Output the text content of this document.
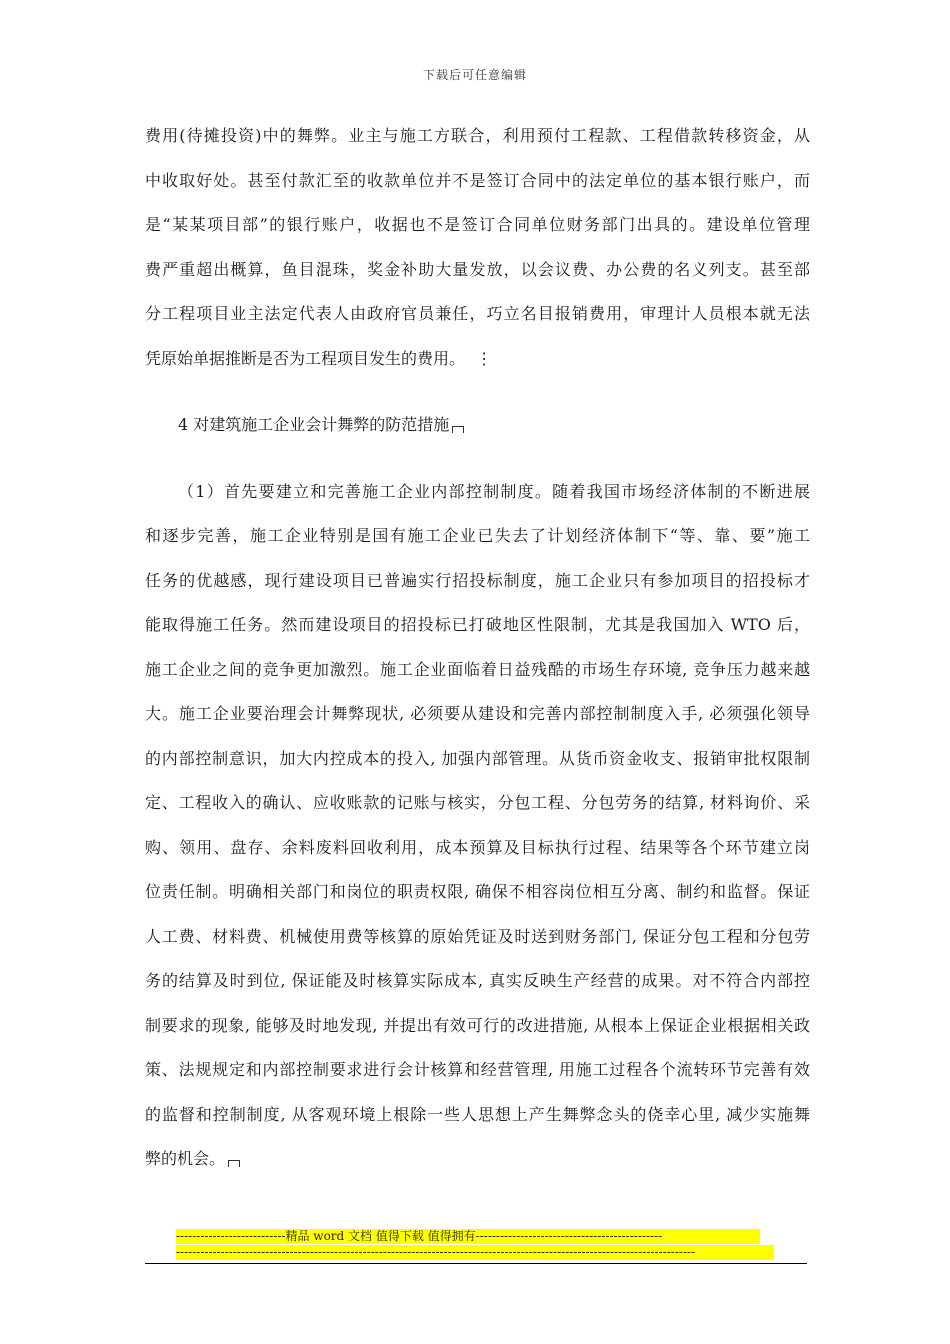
下载后可任意编辑
费用(待摊投资)中的舞弊。业主与施工方联合，利用预付工程款、工程借款转移资金，从
中收取好处。甚至付款汇至的收款单位并不是签订合同中的法定单位的基本银行账户，而
是“某某项目部”的银行账户，收据也不是签订合同单位财务部门出具的。建设单位管理
费严重超出概算，鱼目混珠，奖金补助大量发放，以会议费、办公费的名义列支。甚至部
分工程项目业主法定代表人由政府官员兼任，巧立名目报销费用，审理计人员根本就无法
凭原始单据推断是否为工程项目发生的费用。 ⋮
4 对建筑施工企业会计舞弊的防范措施
（1）首先要建立和完善施工企业内部控制制度。随着我国市场经济体制的不断进展
和逐步完善，施工企业特别是国有施工企业已失去了计划经济体制下“等、靠、要”施工
任务的优越感，现行建设项目已普遍实行招投标制度，施工企业只有参加项目的招投标才
能取得施工任务。然而建设项目的招投标已打破地区性限制，尤其是我国加入 WTO 后，
施工企业之间的竞争更加激烈。施工企业面临着日益残酷的市场生存环境, 竞争压力越来越
大。施工企业要治理会计舞弊现状, 必须要从建设和完善内部控制制度入手, 必须强化领导
的内部控制意识，加大内控成本的投入, 加强内部管理。从货币资金收支、报销审批权限制
定、工程收入的确认、应收账款的记账与核实，分包工程、分包劳务的结算, 材料询价、采
购、领用、盘存、余料废料回收利用，成本预算及目标执行过程、结果等各个环节建立岗
位责任制。明确相关部门和岗位的职责权限, 确保不相容岗位相互分离、制约和监督。保证
人工费、材料费、机械使用费等核算的原始凭证及时送到财务部门, 保证分包工程和分包劳
务的结算及时到位, 保证能及时核算实际成本, 真实反映生产经营的成果。对不符合内部控
制要求的现象, 能够及时地发现, 并提出有效可行的改进措施, 从根本上保证企业根据相关政
策、法规规定和内部控制要求进行会计核算和经营管理, 用施工过程各个流转环节完善有效
的监督和控制制度, 从客观环境上根除一些人思想上产生舞弊念头的侥幸心里, 减少实施舞
弊的机会。
---------------------------精品 word 文档 值得下载 值得拥有----------------------------------------------
--------------------------------------------------------------------------------------------------------------------------------
